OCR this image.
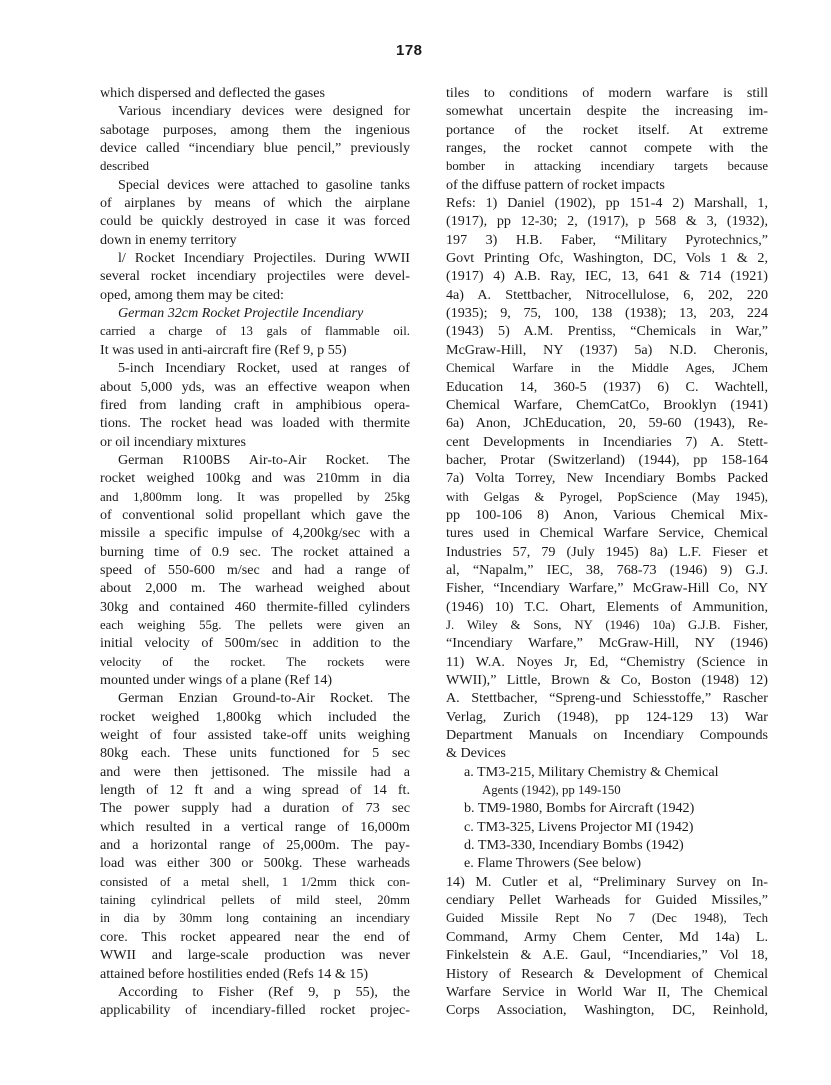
178
which dispersed and deflected the gases
Various incendiary devices were designed for
sabotage purposes, among them the ingenious
device called “incendiary blue pencil,” previously
described
Special devices were attached to gasoline tanks
of airplanes by means of which the airplane
could be quickly destroyed in case it was forced
down in enemy territory
l/ Rocket Incendiary Projectiles. During WWII
several rocket incendiary projectiles were devel-
oped, among them may be cited:
German 32cm Rocket Projectile Incendiary
carried a charge of 13 gals of flammable oil.
It was used in anti-aircraft fire (Ref 9, p 55)
5-inch Incendiary Rocket, used at ranges of
about 5,000 yds, was an effective weapon when
fired from landing craft in amphibious opera-
tions. The rocket head was loaded with thermite
or oil incendiary mixtures
German R100BS Air-to-Air Rocket. The
rocket weighed 100kg and was 210mm in dia
and 1,800mm long. It was propelled by 25kg
of conventional solid propellant which gave the
missile a specific impulse of 4,200kg/sec with a
burning time of 0.9 sec. The rocket attained a
speed of 550-600 m/sec and had a range of
about 2,000 m. The warhead weighed about
30kg and contained 460 thermite-filled cylinders
each weighing 55g. The pellets were given an
initial velocity of 500m/sec in addition to the
velocity of the rocket. The rockets were
mounted under wings of a plane (Ref 14)
German Enzian Ground-to-Air Rocket. The
rocket weighed 1,800kg which included the
weight of four assisted take-off units weighing
80kg each. These units functioned for 5 sec
and were then jettisoned. The missile had a
length of 12 ft and a wing spread of 14 ft.
The power supply had a duration of 73 sec
which resulted in a vertical range of 16,000m
and a horizontal range of 25,000m. The pay-
load was either 300 or 500kg. These warheads
consisted of a metal shell, 1 1/2mm thick con-
taining cylindrical pellets of mild steel, 20mm
in dia by 30mm long containing an incendiary
core. This rocket appeared near the end of
WWII and large-scale production was never
attained before hostilities ended (Refs 14 & 15)
According to Fisher (Ref 9, p 55), the
applicability of incendiary-filled rocket projec-
tiles to conditions of modern warfare is still
somewhat uncertain despite the increasing im-
portance of the rocket itself. At extreme
ranges, the rocket cannot compete with the
bomber in attacking incendiary targets because
of the diffuse pattern of rocket impacts
Refs: 1) Daniel (1902), pp 151-4 2) Marshall, 1,
(1917), pp 12-30; 2, (1917), p 568 & 3, (1932),
197 3) H.B. Faber, “Military Pyrotechnics,”
Govt Printing Ofc, Washington, DC, Vols 1 & 2,
(1917) 4) A.B. Ray, IEC, 13, 641 & 714 (1921)
4a) A. Stettbacher, Nitrocellulose, 6, 202, 220
(1935); 9, 75, 100, 138 (1938); 13, 203, 224
(1943) 5) A.M. Prentiss, “Chemicals in War,”
McGraw-Hill, NY (1937) 5a) N.D. Cheronis,
Chemical Warfare in the Middle Ages, JChem
Education 14, 360-5 (1937) 6) C. Wachtell,
Chemical Warfare, ChemCatCo, Brooklyn (1941)
6a) Anon, JChEducation, 20, 59-60 (1943), Re-
cent Developments in Incendiaries 7) A. Stett-
bacher, Protar (Switzerland) (1944), pp 158-164
7a) Volta Torrey, New Incendiary Bombs Packed
with Gelgas & Pyrogel, PopScience (May 1945),
pp 100-106 8) Anon, Various Chemical Mix-
tures used in Chemical Warfare Service, Chemical
Industries 57, 79 (July 1945) 8a) L.F. Fieser et
al, “Napalm,” IEC, 38, 768-73 (1946) 9) G.J.
Fisher, “Incendiary Warfare,” McGraw-Hill Co, NY
(1946) 10) T.C. Ohart, Elements of Ammunition,
J. Wiley & Sons, NY (1946) 10a) G.J.B. Fisher,
“Incendiary Warfare,” McGraw-Hill, NY (1946)
11) W.A. Noyes Jr, Ed, “Chemistry (Science in
WWII),” Little, Brown & Co, Boston (1948) 12)
A. Stettbacher, “Spreng-und Schiesstoffe,” Rascher
Verlag, Zurich (1948), pp 124-129 13) War
Department Manuals on Incendiary Compounds
& Devices
a. TM3-215, Military Chemistry & Chemical
Agents (1942), pp 149-150
b. TM9-1980, Bombs for Aircraft (1942)
c. TM3-325, Livens Projector MI (1942)
d. TM3-330, Incendiary Bombs (1942)
e. Flame Throwers (See below)
14) M. Cutler et al, “Preliminary Survey on In-
cendiary Pellet Warheads for Guided Missiles,”
Guided Missile Rept No 7 (Dec 1948), Tech
Command, Army Chem Center, Md 14a) L.
Finkelstein & A.E. Gaul, “Incendiaries,” Vol 18,
History of Research & Development of Chemical
Warfare Service in World War II, The Chemical
Corps Association, Washington, DC, Reinhold,
